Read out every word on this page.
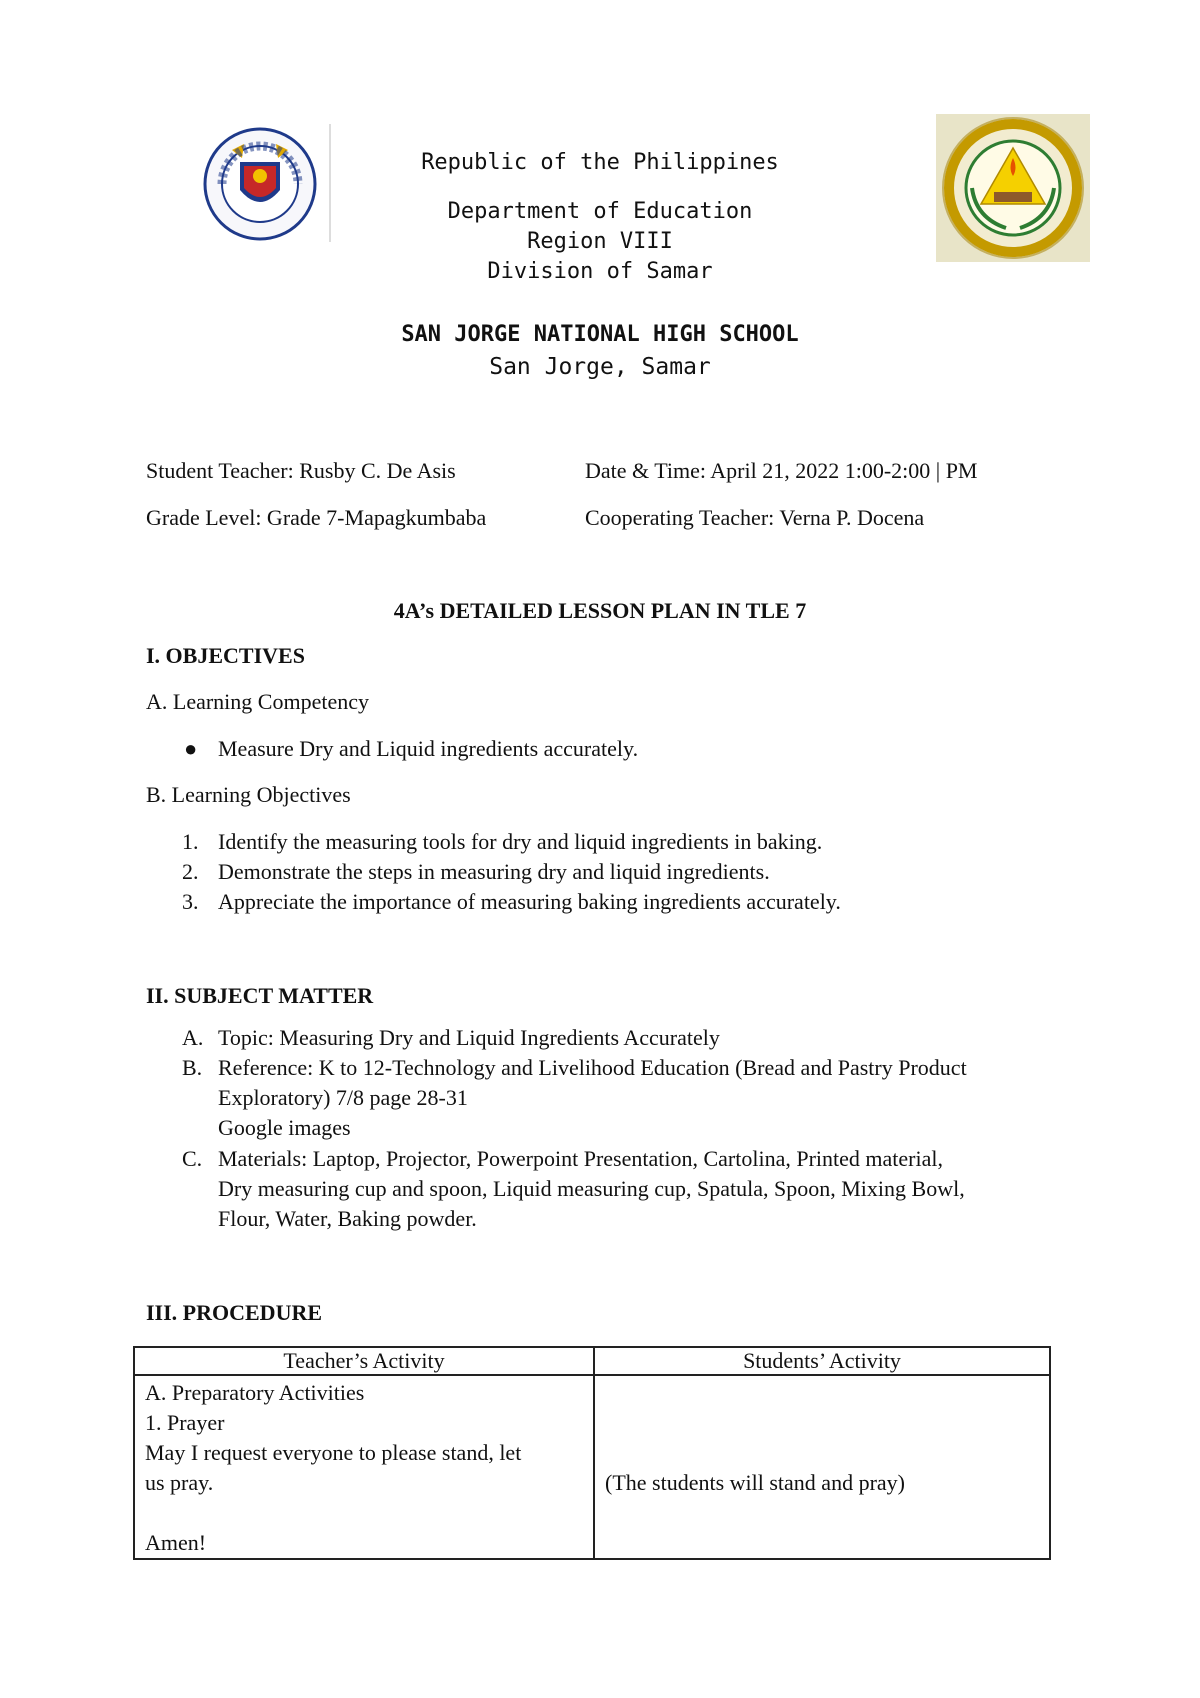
Republic of the Philippines
Department of Education
Region VIII
Division of Samar
SAN JORGE NATIONAL HIGH SCHOOL
San Jorge, Samar
Student Teacher: Rusby C. De Asis	Date & Time: April 21, 2022 1:00-2:00 | PM
Grade Level: Grade 7-Mapagkumbaba	Cooperating Teacher: Verna P. Docena
4A’s DETAILED LESSON PLAN IN TLE 7
I. OBJECTIVES
A. Learning Competency
● Measure Dry and Liquid ingredients accurately.
B. Learning Objectives
1. Identify the measuring tools for dry and liquid ingredients in baking.
2. Demonstrate the steps in measuring dry and liquid ingredients.
3. Appreciate the importance of measuring baking ingredients accurately.
II. SUBJECT MATTER
A. Topic: Measuring Dry and Liquid Ingredients Accurately
B. Reference: K to 12-Technology and Livelihood Education (Bread and Pastry Product
Exploratory) 7/8 page 28-31
Google images
C. Materials: Laptop, Projector, Powerpoint Presentation, Cartolina, Printed material,
Dry measuring cup and spoon, Liquid measuring cup, Spatula, Spoon, Mixing Bowl,
Flour, Water, Baking powder.
III. PROCEDURE
Teacher’s Activity	Students’ Activity

A. Preparatory Activities
1. Prayer
May I request everyone to please stand, let
us pray.
Amen!	(The students will stand and pray)
